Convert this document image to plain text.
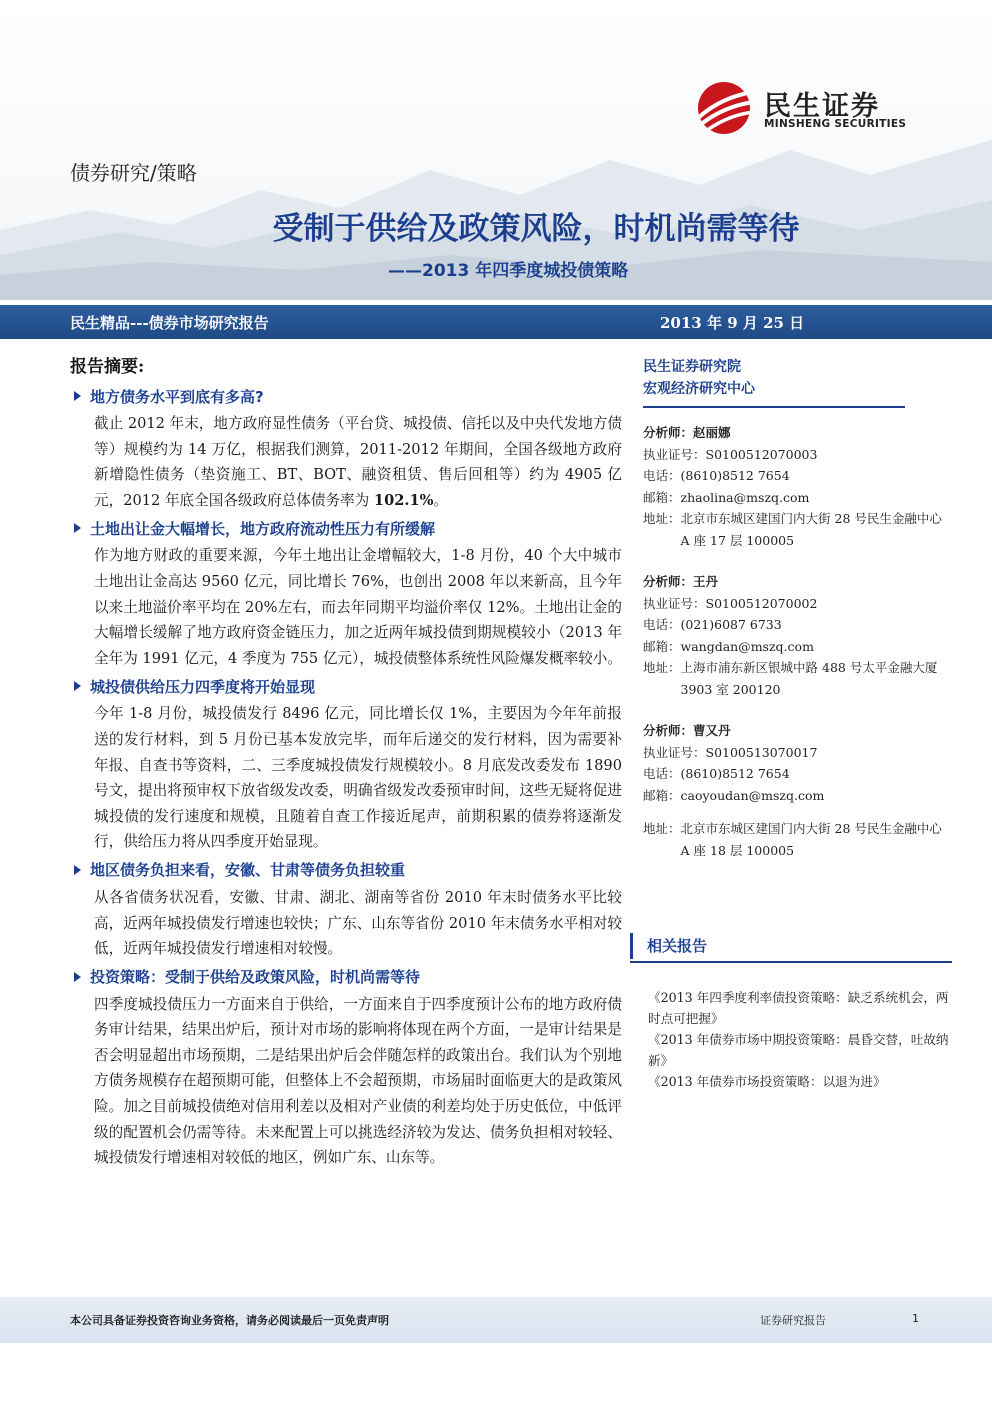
民生证券
MINSHENG SECURITIES
债券研究/策略
受制于供给及政策风险，时机尚需等待
——2013 年四季度城投债策略
民生精品---债券市场研究报告	2013 年 9 月 25 日
报告摘要:
地方债务水平到底有多高?
截止 2012 年末，地方政府显性债务（平台贷、城投债、信托以及中央代发地方债等）规模约为 14 万亿，根据我们测算，2011-2012 年期间，全国各级地方政府新增隐性债务（垫资施工、BT、BOT、融资租赁、售后回租等）约为 4905 亿元，2012 年底全国各级政府总体债务率为 102.1%。
土地出让金大幅增长，地方政府流动性压力有所缓解
作为地方财政的重要来源，今年土地出让金增幅较大，1-8 月份，40 个大中城市土地出让金高达 9560 亿元，同比增长 76%，也创出 2008 年以来新高，且今年以来土地溢价率平均在 20%左右，而去年同期平均溢价率仅 12%。土地出让金的大幅增长缓解了地方政府资金链压力，加之近两年城投债到期规模较小（2013 年全年为 1991 亿元，4 季度为 755 亿元），城投债整体系统性风险爆发概率较小。
城投债供给压力四季度将开始显现
今年 1-8 月份，城投债发行 8496 亿元，同比增长仅 1%，主要因为今年年前报送的发行材料，到 5 月份已基本发放完毕，而年后递交的发行材料，因为需要补年报、自查书等资料，二、三季度城投债发行规模较小。8 月底发改委发布 1890 号文，提出将预审权下放省级发改委，明确省级发改委预审时间，这些无疑将促进城投债的发行速度和规模，且随着自查工作接近尾声，前期积累的债券将逐渐发行，供给压力将从四季度开始显现。
地区债务负担来看，安徽、甘肃等债务负担较重
从各省债务状况看，安徽、甘肃、湖北、湖南等省份 2010 年末时债务水平比较高，近两年城投债发行增速也较快；广东、山东等省份 2010 年末债务水平相对较低，近两年城投债发行增速相对较慢。
投资策略：受制于供给及政策风险，时机尚需等待
四季度城投债压力一方面来自于供给，一方面来自于四季度预计公布的地方政府债务审计结果，结果出炉后，预计对市场的影响将体现在两个方面，一是审计结果是否会明显超出市场预期，二是结果出炉后会伴随怎样的政策出台。我们认为个别地方债务规模存在超预期可能，但整体上不会超预期，市场届时面临更大的是政策风险。加之目前城投债绝对信用利差以及相对产业债的利差均处于历史低位，中低评级的配置机会仍需等待。未来配置上可以挑选经济较为发达、债务负担相对较轻、城投债发行增速相对较低的地区，例如广东、山东等。
民生证券研究院
宏观经济研究中心
分析师： 赵丽娜
执业证号：S0100512070003
电话：(8610)8512 7654
邮箱：zhaolina@mszq.com
地址： 北京市东城区建国门内大街 28 号民生金融中心 A 座 17 层 100005
分析师： 王丹
执业证号：S0100512070002
电话：(021)6087 6733
邮箱：wangdan@mszq.com
地址： 上海市浦东新区银城中路 488 号太平金融大厦 3903 室 200120
分析师： 曹又丹
执业证号：S0100513070017
电话：(8610)8512 7654
邮箱：caoyoudan@mszq.com
地址： 北京市东城区建国门内大街 28 号民生金融中心 A 座 18 层 100005
相关报告
《2013 年四季度利率债投资策略：缺乏系统机会，两时点可把握》
《2013 年债券市场中期投资策略：晨昏交替，吐故纳新》
《2013 年债券市场投资策略：以退为进》
本公司具备证券投资咨询业务资格，请务必阅读最后一页免责声明	证券研究报告	1
